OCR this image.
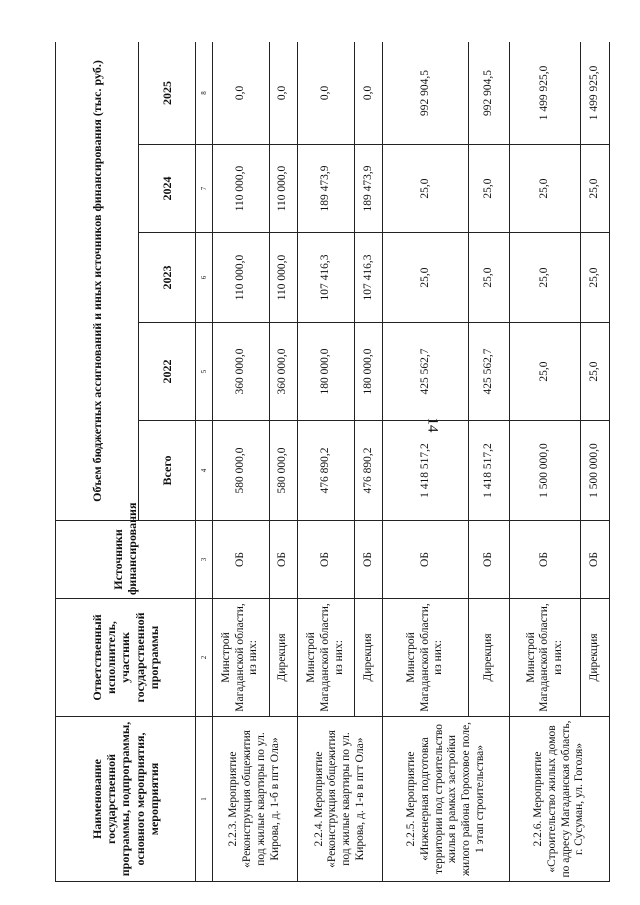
14
Наименование государственной программы, подпрограммы, основного мероприятия, мероприятия	Ответственный исполнитель, участник государственной программы	Источники финансирования	Объем бюджетных ассигнований и иных источников финансирования (тыс. руб.)				
			Всего	2022	2023	2024	2025
1	2	3	4	5	6	7	8
2.2.3. Мероприятие «Реконструкция общежития под жилые квартиры по ул. Кирова, д. 1-б в пгт Ола»	Минстрой Магаданской области, из них:	ОБ	580 000,0	360 000,0	110 000,0	110 000,0	0,0
	Дирекция	ОБ	580 000,0	360 000,0	110 000,0	110 000,0	0,0
2.2.4. Мероприятие «Реконструкция общежития под жилые квартиры по ул. Кирова, д. 1-в в пгт Ола»	Минстрой Магаданской области, из них:	ОБ	476 890,2	180 000,0	107 416,3	189 473,9	0,0
	Дирекция	ОБ	476 890,2	180 000,0	107 416,3	189 473,9	0,0
2.2.5. Мероприятие «Инженерная подготовка территории под строительство жилья в рамках застройки жилого района Гороховое поле, 1 этап строительства»	Минстрой Магаданской области, из них:	ОБ	1 418 517,2	425 562,7	25,0	25,0	992 904,5
	Дирекция	ОБ	1 418 517,2	425 562,7	25,0	25,0	992 904,5
2.2.6. Мероприятие «Строительство жилых домов по адресу Магаданская область, г. Сусуман, ул. Гоголя»	Минстрой Магаданской области, из них:	ОБ	1 500 000,0	25,0	25,0	25,0	1 499 925,0
	Дирекция	ОБ	1 500 000,0	25,0	25,0	25,0	1 499 925,0
